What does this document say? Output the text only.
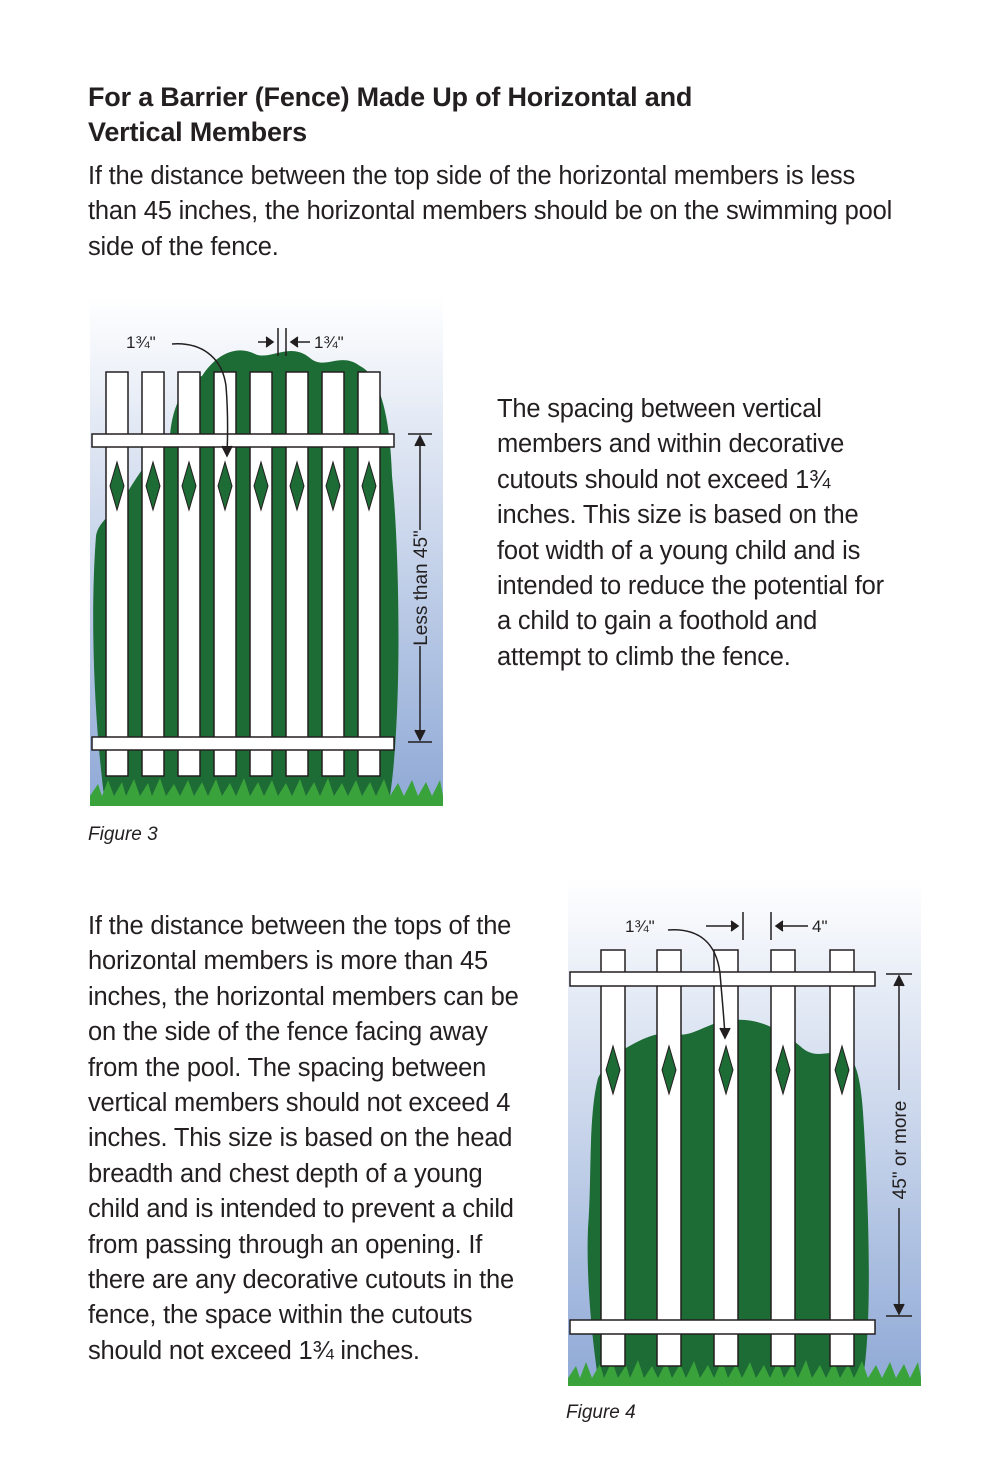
For a Barrier (Fence) Made Up of Horizontal and Vertical Members

If the distance between the top side of the horizontal members is less than 45 inches, the horizontal members should be on the swimming pool side of the fence.

1¾"	1¾"
Less than 45"

The spacing between vertical members and within decorative cutouts should not exceed 1¾ inches. This size is based on the foot width of a young child and is intended to reduce the potential for a child to gain a foothold and attempt to climb the fence.

Figure 3

If the distance between the tops of the horizontal members is more than 45 inches, the horizontal members can be on the side of the fence facing away from the pool. The spacing between vertical members should not exceed 4 inches. This size is based on the head breadth and chest depth of a young child and is intended to prevent a child from passing through an opening. If there are any decorative cutouts in the fence, the space within the cutouts should not exceed 1¾ inches.

1¾"	4"
45" or more

Figure 4
